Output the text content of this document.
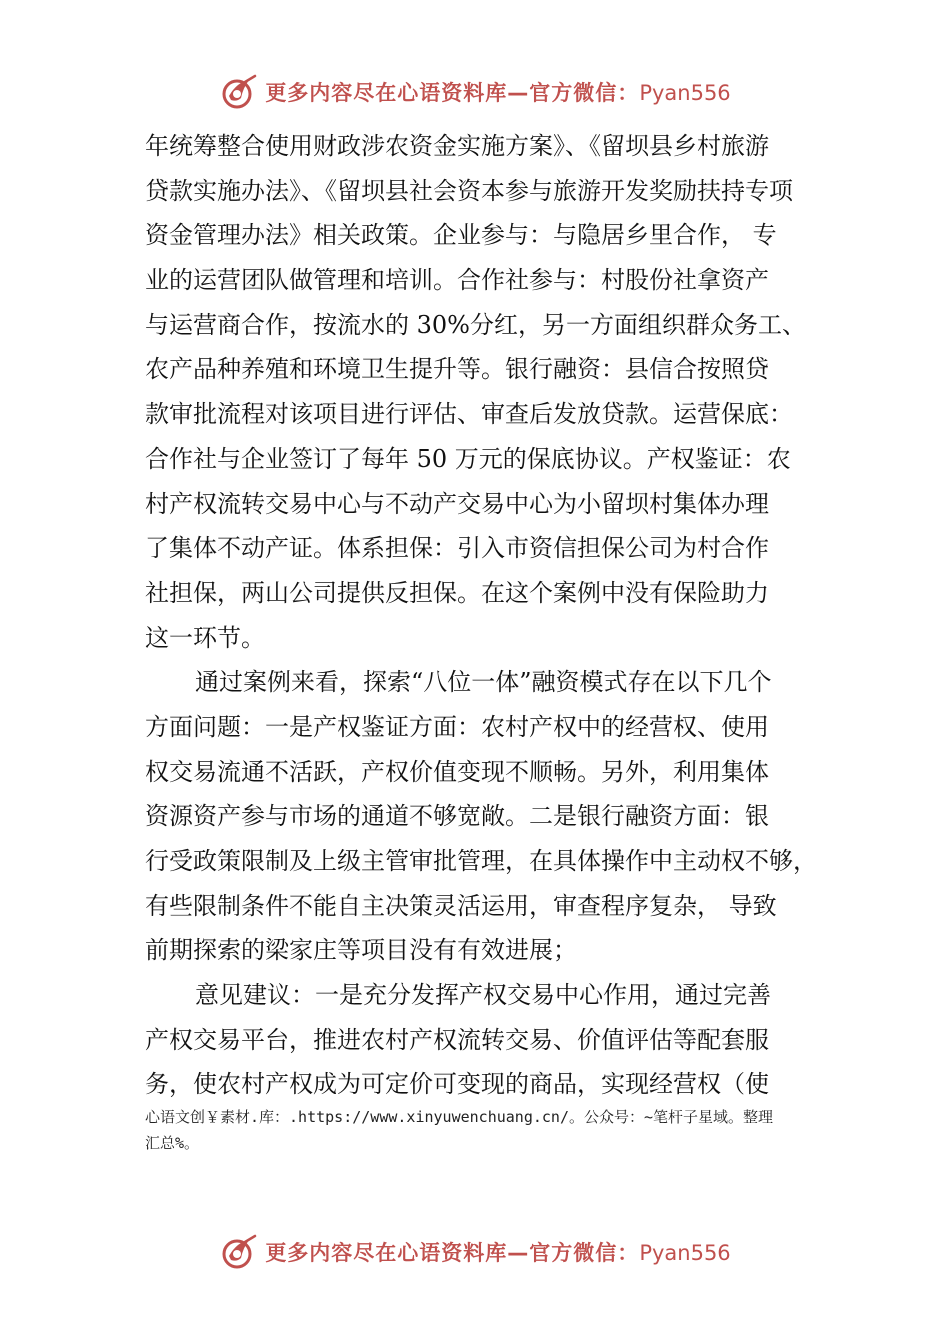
更多内容尽在心语资料库—官方微信：Pyan556
年统筹整合使用财政涉农资金实施方案》、《留坝县乡村旅游
贷款实施办法》、《留坝县社会资本参与旅游开发奖励扶持专项
资金管理办法》相关政策。企业参与：与隐居乡里合作， 专
业的运营团队做管理和培训。合作社参与：村股份社拿资产
与运营商合作，按流水的 30%分红，另一方面组织群众务工、
农产品种养殖和环境卫生提升等。银行融资：县信合按照贷
款审批流程对该项目进行评估、审查后发放贷款。运营保底：
合作社与企业签订了每年 50 万元的保底协议。产权鉴证：农
村产权流转交易中心与不动产交易中心为小留坝村集体办理
了集体不动产证。体系担保：引入市资信担保公司为村合作
社担保，两山公司提供反担保。在这个案例中没有保险助力
这一环节。
通过案例来看，探索“八位一体”融资模式存在以下几个
方面问题：一是产权鉴证方面：农村产权中的经营权、使用
权交易流通不活跃，产权价值变现不顺畅。另外，利用集体
资源资产参与市场的通道不够宽敞。二是银行融资方面：银
行受政策限制及上级主管审批管理，在具体操作中主动权不够，
有些限制条件不能自主决策灵活运用，审查程序复杂， 导致
前期探索的梁家庄等项目没有有效进展；
意见建议：一是充分发挥产权交易中心作用，通过完善
产权交易平台，推进农村产权流转交易、价值评估等配套服
务，使农村产权成为可定价可变现的商品，实现经营权（使
心语文创￥素材.库：.https://www.xinyuwenchuang.cn/。公众号：~笔杆子星域。整理
汇总%。
更多内容尽在心语资料库—官方微信：Pyan556
